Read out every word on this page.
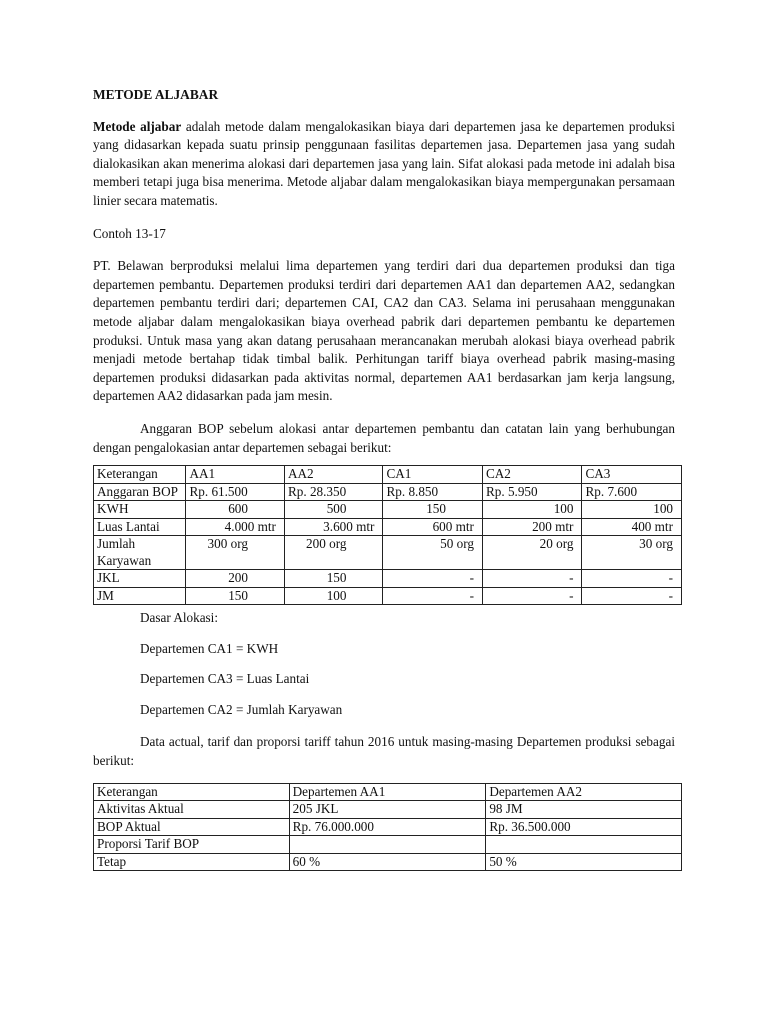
METODE ALJABAR

Metode aljabar adalah metode dalam mengalokasikan biaya dari departemen jasa ke departemen produksi yang didasarkan kepada suatu prinsip penggunaan fasilitas departemen jasa. Departemen jasa yang sudah dialokasikan akan menerima alokasi dari departemen jasa yang lain. Sifat alokasi pada metode ini adalah bisa memberi tetapi juga bisa menerima. Metode aljabar dalam mengalokasikan biaya mempergunakan persamaan linier secara matematis.

Contoh 13-17

PT. Belawan berproduksi melalui lima departemen yang terdiri dari dua departemen produksi dan tiga departemen pembantu. Departemen produksi terdiri dari departemen AA1 dan departemen AA2, sedangkan departemen pembantu terdiri dari; departemen CAI, CA2 dan CA3. Selama ini perusahaan menggunakan metode aljabar dalam mengalokasikan biaya overhead pabrik dari departemen pembantu ke departemen produksi. Untuk masa yang akan datang perusahaan merancanakan merubah alokasi biaya overhead pabrik menjadi metode bertahap tidak timbal balik. Perhitungan tariff biaya overhead pabrik masing-masing departemen produksi didasarkan pada aktivitas normal, departemen AA1 berdasarkan jam kerja langsung, departemen AA2 didasarkan pada jam mesin.

Anggaran BOP sebelum alokasi antar departemen pembantu dan catatan lain yang berhubungan dengan pengalokasian antar departemen sebagai berikut:

Keterangan	AA1	AA2	CA1	CA2	CA3
Anggaran BOP	Rp. 61.500	Rp. 28.350	Rp. 8.850	Rp. 5.950	Rp. 7.600
KWH	600	500	150	100	100
Luas Lantai	4.000 mtr	3.600 mtr	600 mtr	200 mtr	400 mtr
Jumlah Karyawan	300 org	200 org	50 org	20 org	30 org
JKL	200	150	-	-	-
JM	150	100	-	-	-

Dasar Alokasi:

Departemen CA1 = KWH

Departemen CA3 = Luas Lantai

Departemen CA2 = Jumlah Karyawan

Data actual, tarif dan proporsi tariff tahun 2016 untuk masing-masing Departemen produksi sebagai berikut:

Keterangan	Departemen AA1	Departemen AA2
Aktivitas Aktual	205 JKL	98 JM
BOP Aktual	Rp. 76.000.000	Rp. 36.500.000
Proporsi Tarif BOP		
Tetap	60 %	50 %
